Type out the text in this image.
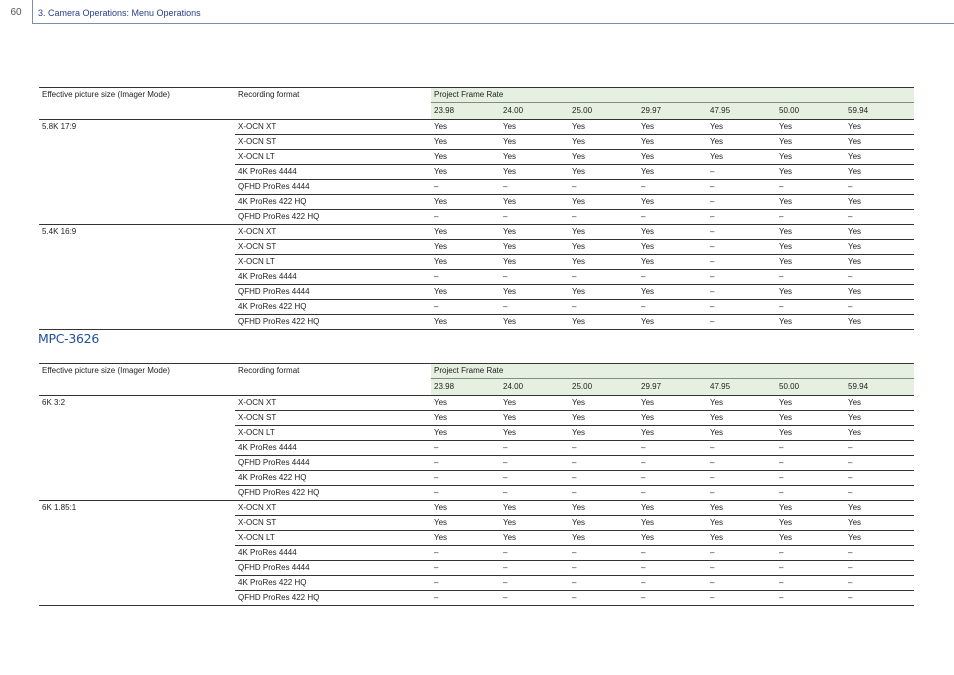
60	3. Camera Operations: Menu Operations
Effective picture size (Imager Mode)	Recording format	Project Frame Rate						
		23.98	24.00	25.00	29.97	47.95	50.00	59.94
5.8K 17:9	X-OCN XT	Yes	Yes	Yes	Yes	Yes	Yes	Yes
	X-OCN ST	Yes	Yes	Yes	Yes	Yes	Yes	Yes
	X-OCN LT	Yes	Yes	Yes	Yes	Yes	Yes	Yes
	4K ProRes 4444	Yes	Yes	Yes	Yes	–	Yes	Yes
	QFHD ProRes 4444	–	–	–	–	–	–	–
	4K ProRes 422 HQ	Yes	Yes	Yes	Yes	–	Yes	Yes
	QFHD ProRes 422 HQ	–	–	–	–	–	–	–
5.4K 16:9	X-OCN XT	Yes	Yes	Yes	Yes	–	Yes	Yes
	X-OCN ST	Yes	Yes	Yes	Yes	–	Yes	Yes
	X-OCN LT	Yes	Yes	Yes	Yes	–	Yes	Yes
	4K ProRes 4444	–	–	–	–	–	–	–
	QFHD ProRes 4444	Yes	Yes	Yes	Yes	–	Yes	Yes
	4K ProRes 422 HQ	–	–	–	–	–	–	–
	QFHD ProRes 422 HQ	Yes	Yes	Yes	Yes	–	Yes	Yes
MPC-3626
Effective picture size (Imager Mode)	Recording format	Project Frame Rate						
		23.98	24.00	25.00	29.97	47.95	50.00	59.94
6K 3:2	X-OCN XT	Yes	Yes	Yes	Yes	Yes	Yes	Yes
	X-OCN ST	Yes	Yes	Yes	Yes	Yes	Yes	Yes
	X-OCN LT	Yes	Yes	Yes	Yes	Yes	Yes	Yes
	4K ProRes 4444	–	–	–	–	–	–	–
	QFHD ProRes 4444	–	–	–	–	–	–	–
	4K ProRes 422 HQ	–	–	–	–	–	–	–
	QFHD ProRes 422 HQ	–	–	–	–	–	–	–
6K 1.85:1	X-OCN XT	Yes	Yes	Yes	Yes	Yes	Yes	Yes
	X-OCN ST	Yes	Yes	Yes	Yes	Yes	Yes	Yes
	X-OCN LT	Yes	Yes	Yes	Yes	Yes	Yes	Yes
	4K ProRes 4444	–	–	–	–	–	–	–
	QFHD ProRes 4444	–	–	–	–	–	–	–
	4K ProRes 422 HQ	–	–	–	–	–	–	–
	QFHD ProRes 422 HQ	–	–	–	–	–	–	–
